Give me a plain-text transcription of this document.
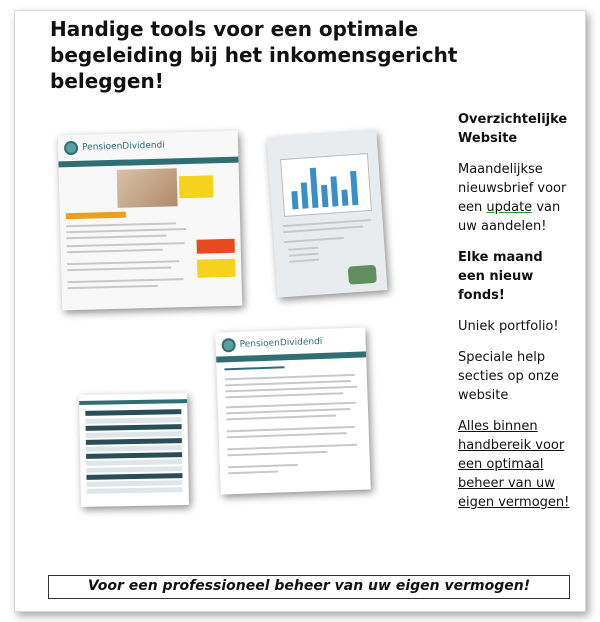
Handige tools voor een optimale begeleiding bij het inkomensgericht beleggen!
PensioenDividendi
PensioenDividendi

Overzichtelijke Website

Maandelijkse nieuwsbrief voor een update van uw aandelen!

Elke maand een nieuw fonds!

Uniek portfolio!

Speciale help secties op onze website

Alles binnen handbereik voor een optimaal beheer van uw eigen vermogen!

Voor een professioneel beheer van uw eigen vermogen!
